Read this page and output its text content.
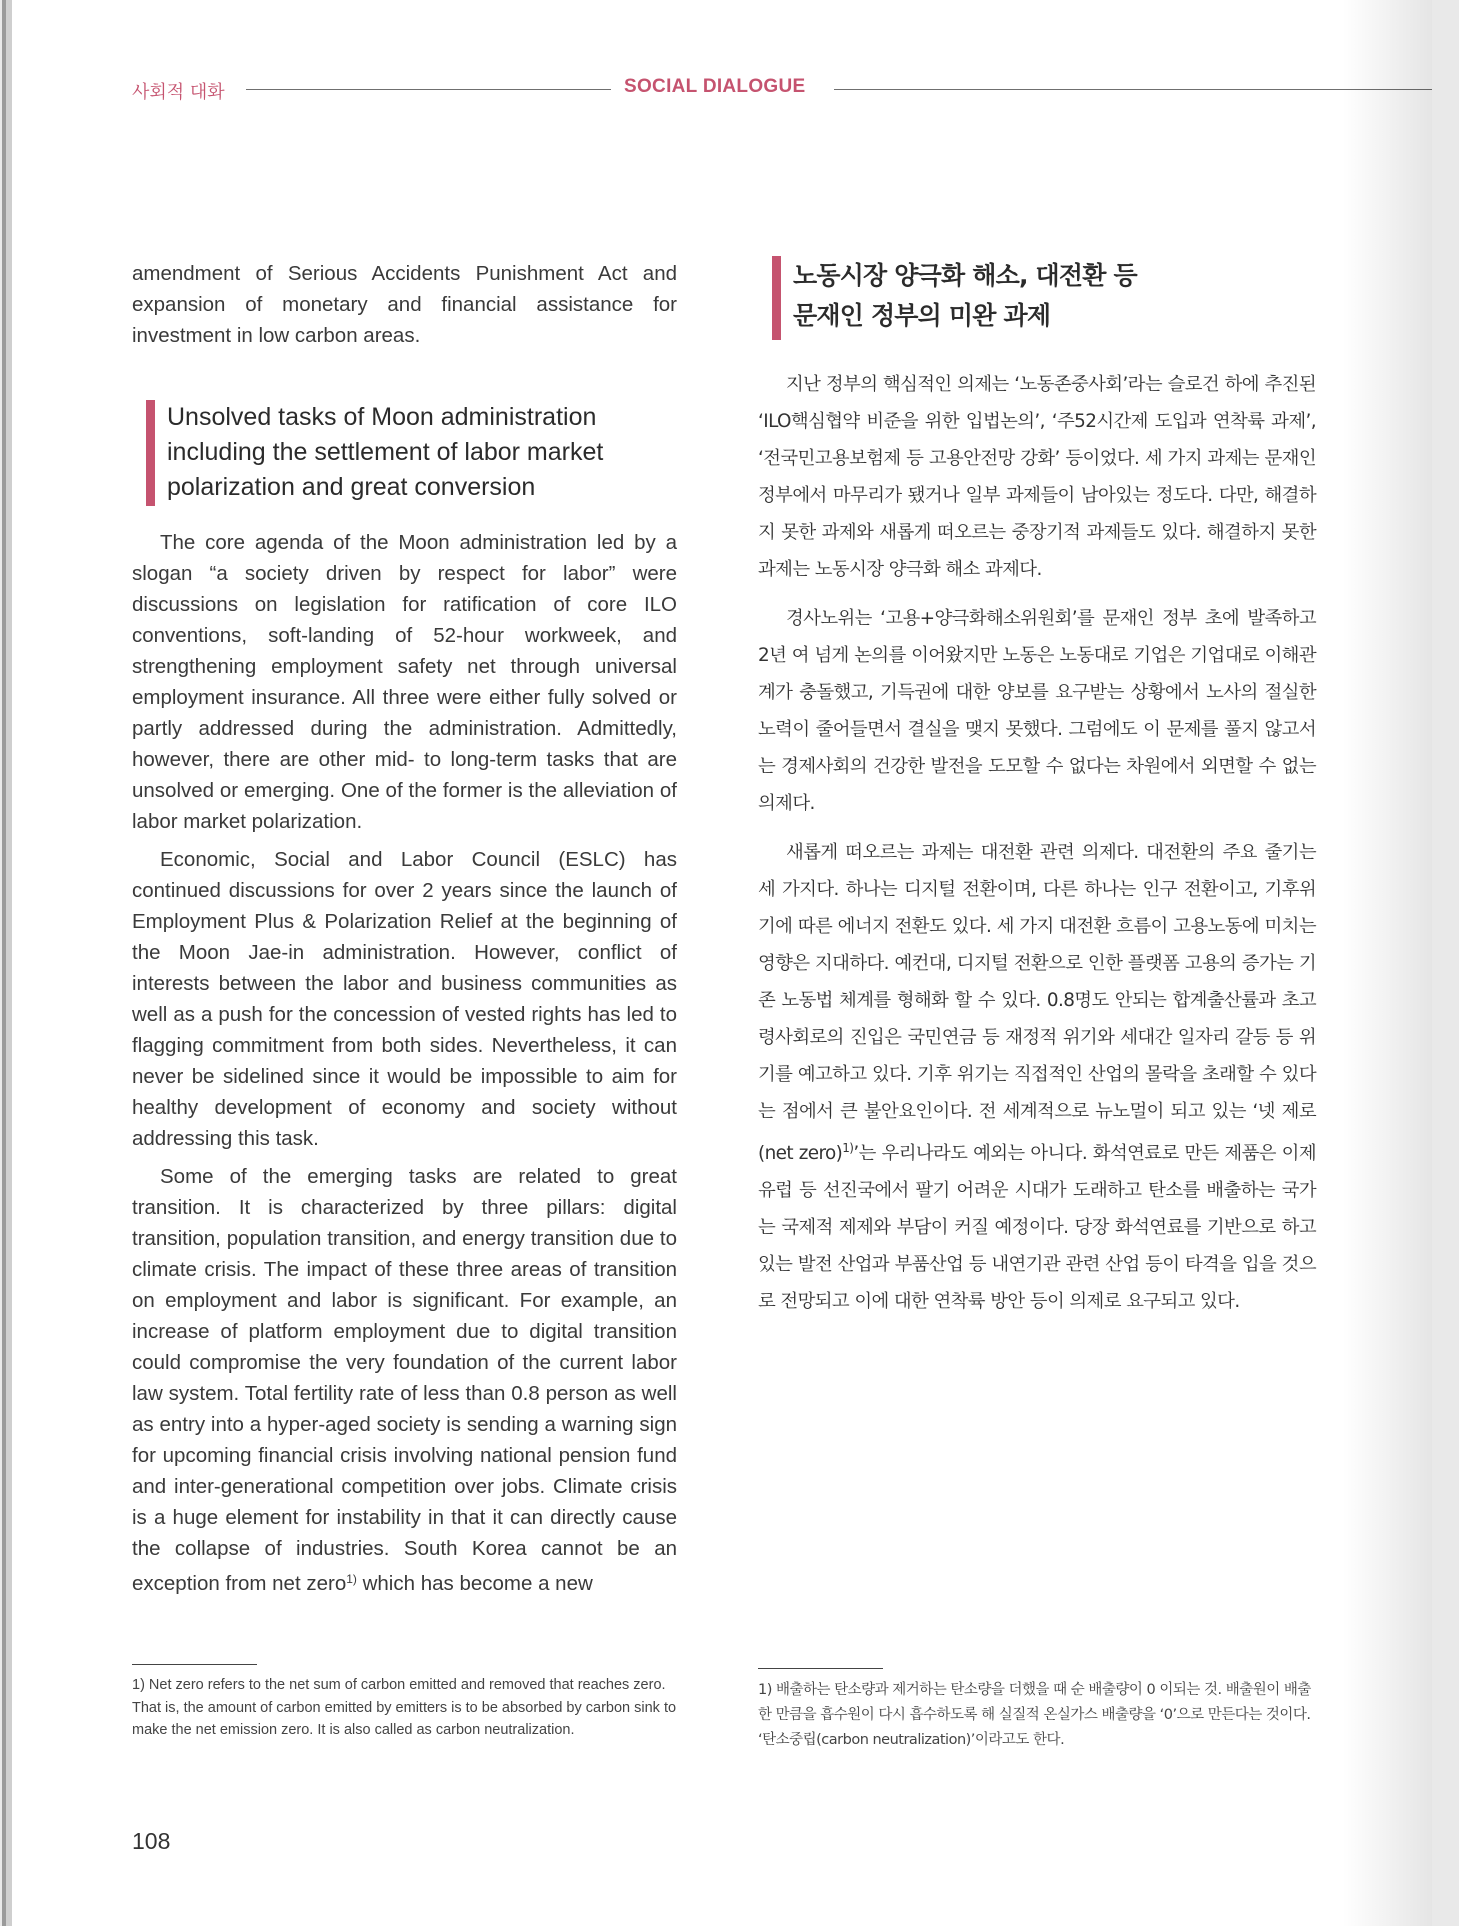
사회적 대화	SOCIAL DIALOGUE

amendment of Serious Accidents Punishment Act and expansion of monetary and financial assistance for investment in low carbon areas.

Unsolved tasks of Moon administration including the settlement of labor market polarization and great conversion

The core agenda of the Moon administration led by a slogan “a society driven by respect for labor” were discussions on legislation for ratification of core ILO conventions, soft-landing of 52-hour workweek, and strengthening employment safety net through universal employment insurance. All three were either fully solved or partly addressed during the administration. Admittedly, however, there are other mid- to long-term tasks that are unsolved or emerging. One of the former is the alleviation of labor market polarization.

Economic, Social and Labor Council (ESLC) has continued discussions for over 2 years since the launch of Employment Plus & Polarization Relief at the beginning of the Moon Jae-in administration. However, conflict of interests between the labor and business communities as well as a push for the concession of vested rights has led to flagging commitment from both sides. Nevertheless, it can never be sidelined since it would be impossible to aim for healthy development of economy and society without addressing this task.

Some of the emerging tasks are related to great transition. It is characterized by three pillars: digital transition, population transition, and energy transition due to climate crisis. The impact of these three areas of transition on employment and labor is significant. For example, an increase of platform employment due to digital transition could compromise the very foundation of the current labor law system. Total fertility rate of less than 0.8 person as well as entry into a hyper-aged society is sending a warning sign for upcoming financial crisis involving national pension fund and inter-generational competition over jobs. Climate crisis is a huge element for instability in that it can directly cause the collapse of industries. South Korea cannot be an exception from net zero$^{1)}$ which has become a new

1) Net zero refers to the net sum of carbon emitted and removed that reaches zero. That is, the amount of carbon emitted by emitters is to be absorbed by carbon sink to make the net emission zero. It is also called as carbon neutralization.
노동시장 양극화 해소, 대전환 등
문재인 정부의 미완 과제

지난 정부의 핵심적인 의제는 ‘노동존중사회’라는 슬로건 하에 추진된 ‘ILO핵심협약 비준을 위한 입법논의’, ‘주52시간제 도입과 연착륙 과제’, ‘전국민고용보험제 등 고용안전망 강화’ 등이었다. 세 가지 과제는 문재인 정부에서 마무리가 됐거나 일부 과제들이 남아있는 정도다. 다만, 해결하지 못한 과제와 새롭게 떠오르는 중장기적 과제들도 있다. 해결하지 못한 과제는 노동시장 양극화 해소 과제다.

경사노위는 ‘고용+양극화해소위원회’를 문재인 정부 초에 발족하고 2년 여 넘게 논의를 이어왔지만 노동은 노동대로 기업은 기업대로 이해관계가 충돌했고, 기득권에 대한 양보를 요구받는 상황에서 노사의 절실한 노력이 줄어들면서 결실을 맺지 못했다. 그럼에도 이 문제를 풀지 않고서는 경제사회의 건강한 발전을 도모할 수 없다는 차원에서 외면할 수 없는 의제다.

새롭게 떠오르는 과제는 대전환 관련 의제다. 대전환의 주요 줄기는 세 가지다. 하나는 디지털 전환이며, 다른 하나는 인구 전환이고, 기후위기에 따른 에너지 전환도 있다. 세 가지 대전환 흐름이 고용노동에 미치는 영향은 지대하다. 예컨대, 디지털 전환으로 인한 플랫폼 고용의 증가는 기존 노동법 체계를 형해화 할 수 있다. 0.8명도 안되는 합계출산률과 초고령사회로의 진입은 국민연금 등 재정적 위기와 세대간 일자리 갈등 등 위기를 예고하고 있다. 기후 위기는 직접적인 산업의 몰락을 초래할 수 있다는 점에서 큰 불안요인이다. 전 세계적으로 뉴노멀이 되고 있는 ‘넷 제로(net zero)$^{1)}$’는 우리나라도 예외는 아니다. 화석연료로 만든 제품은 이제 유럽 등 선진국에서 팔기 어려운 시대가 도래하고 탄소를 배출하는 국가는 국제적 제제와 부담이 커질 예정이다. 당장 화석연료를 기반으로 하고 있는 발전 산업과 부품산업 등 내연기관 관련 산업 등이 타격을 입을 것으로 전망되고 이에 대한 연착륙 방안 등이 의제로 요구되고 있다.

1) 배출하는 탄소량과 제거하는 탄소량을 더했을 때 순 배출량이 0 이되는 것. 배출원이 배출한 만큼을 흡수원이 다시 흡수하도록 해 실질적 온실가스 배출량을 ‘0’으로 만든다는 것이다. ‘탄소중립(carbon neutralization)’이라고도 한다.
108
